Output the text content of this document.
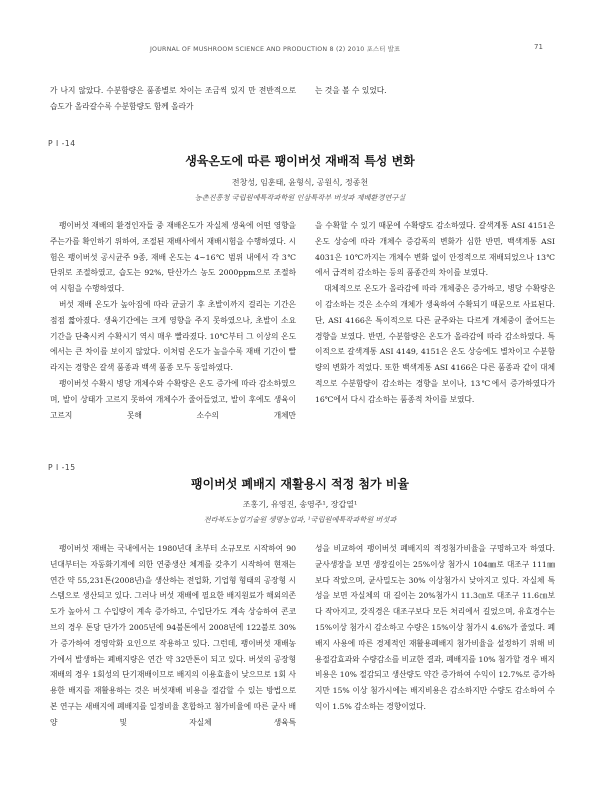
JOURNAL OF MUSHROOM SCIENCE AND PRODUCTION 8 (2) 2010 포스터 발표	71

가 나지 않았다. 수분함량은 품종별로 차이는 조금씩 있지 만 전반적으로 습도가 올라갈수록 수분함량도 함께 올라가

는 것을 볼 수 있었다.

P I -14
생육온도에 따른 팽이버섯 재배적 특성 변화
전창성, 임훈태, 윤형식, 공원식, 정종천
농촌진흥청 국립원예특작과학원 인삼특작부 버섯과 재배환경연구실

팽이버섯 재배의 환경인자들 중 재배온도가 자실체 생육에 어떤 영향을 주는가를 확인하기 위하여, 조절된 재배사에서 재배시험을 수행하였다. 시험은 팽이버섯 공시균주 9종, 재배 온도는 4~16℃ 범위 내에서 각 3℃ 단위로 조절하였고, 습도는 92%, 탄산가스 농도 2000ppm으로 조절하여 시험을 수행하였다.

버섯 재배 온도가 높아짐에 따라 균긁기 후 초발이까지 걸리는 기간은 점점 짧아졌다. 생육기간에는 크게 영향을 주지 못하였으나, 초발이 소요기간을 단축시켜 수확시기 역시 매우 빨라졌다. 10℃부터 그 이상의 온도에서는 큰 차이를 보이지 않았다. 이처럼 온도가 높을수록 재배 기간이 빨라지는 경향은 갈색 품종과 백색 품종 모두 동일하였다.

팽이버섯 수확시 병당 개체수와 수확량은 온도 증가에 따라 감소하였으며, 발이 상태가 고르지 못하여 개체수가 줄어들었고, 발이 후에도 생육이 고르지 못해 소수의 개체만

을 수확할 수 있기 때문에 수확량도 감소하였다. 갈색계통 ASI 4151은 온도 상승에 따라 개체수 증감폭의 변화가 심한 반면, 백색계통 ASI 4031은 10℃까지는 개체수 변화 없이 안정적으로 재배되었으나 13℃에서 급격히 감소하는 등의 품종간의 차이를 보였다.

대체적으로 온도가 올라감에 따라 개체중은 증가하고, 병당 수확량은 이 감소하는 것은 소수의 개체가 생육하여 수확되기 때문으로 사료된다. 단, ASI 4166은 특이적으로 다른 균주와는 다르게 개체중이 줄어드는 경향을 보였다. 반면, 수분함량은 온도가 올라감에 따라 감소하였다. 특이적으로 갈색계통 ASI 4149, 4151은 온도 상승에도 별차이고 수분함량의 변화가 적었다. 또한 백색계통 ASI 4166은 다른 품종과 같이 대체적으로 수분함량이 감소하는 경향을 보이나, 13℃에서 증가하였다가 16℃에서 다시 감소하는 품종적 차이를 보였다.

P I -15
팽이버섯 폐배지 재활용시 적정 첨가 비율
조홍기, 유영진, 송영주¹, 장갑열¹
전라북도농업기술원 생명농업과, ¹국립원예특작과학원 버섯과

팽이버섯 재배는 국내에서는 1980년대 초부터 소규모로 시작하여 90년대부터는 자동화기계에 의한 연중생산 체계를 갖추기 시작하여 현재는 연간 약 55,231톤(2008년)을 생산하는 전업화, 기업형 형태의 공장형 시스템으로 생산되고 있다. 그러나 버섯 재배에 필요한 배지원료가 해외의존도가 높아서 그 수입량이 계속 증가하고, 수입단가도 계속 상승하여 콘코브의 경우 톤당 단가가 2005년에 94불톤에서 2008년에 122불로 30%가 증가하여 경영악화 요인으로 작용하고 있다. 그런데, 팽이버섯 재배농가에서 발생하는 폐배지량은 연간 약 32만톤이 되고 있다. 버섯의 공장형 재배의 경우 1회성의 단기재배이므로 배지의 이용효율이 낮으므로 1회 사용한 배지를 재활용하는 것은 버섯재배 비용을 절감할 수 있는 방법으로 본 연구는 새배지에 폐배지를 일정비율 혼합하고 첨가비율에 따른 균사 배양 및 자실체 생육특

성을 비교하여 팽이버섯 폐배지의 적정첨가비율을 구명하고자 하였다. 균사생장을 보면 생장길이는 25%이상 첨가시 104㎜로 대조구 111㎜보다 작았으며, 균사밀도는 30% 이상첨가시 낮아지고 있다. 자실체 특성을 보면 자실체의 대 길이는 20%첨가시 11.3㎝로 대조구 11.6㎝보다 작아지고, 갓직경은 대조구보다 모든 처리에서 길었으며, 유효경수는 15%이상 첨가시 감소하고 수량은 15%이상 첨가시 4.6%가 줄었다. 폐배지 사용에 따른 경제적인 재활용폐배지 첨가비율을 설정하기 위해 비용절감효과와 수량감소를 비교한 결과, 폐배지를 10% 첨가할 경우 배지비용은 10% 절감되고 생산량도 약간 증가하여 수익이 12.7%로 증가하지만 15% 이상 첨가시에는 배지비용은 감소하지만 수량도 감소하여 수익이 1.5% 감소하는 경향이었다.
